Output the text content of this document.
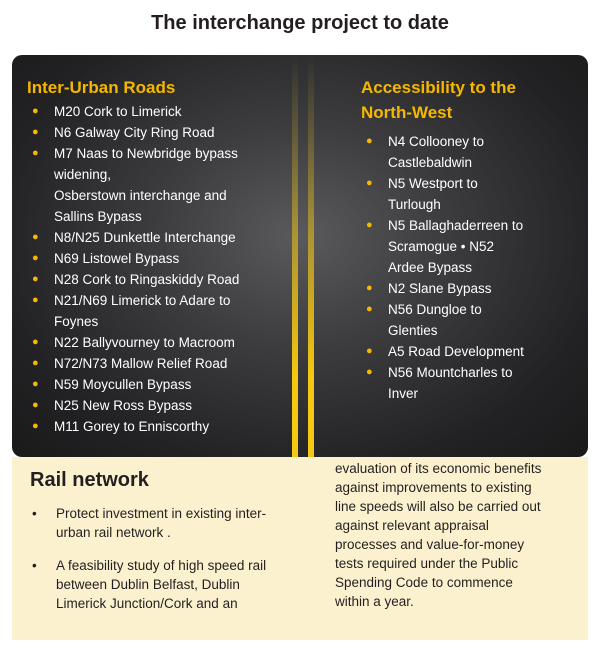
The interchange project to date
Inter-Urban Roads
● M20 Cork to Limerick
● N6 Galway City Ring Road
● M7 Naas to Newbridge bypass
widening,
Osberstown interchange and
Sallins Bypass
● N8/N25 Dunkettle Interchange
● N69 Listowel Bypass
● N28 Cork to Ringaskiddy Road
● N21/N69 Limerick to Adare to
Foynes
● N22 Ballyvourney to Macroom
● N72/N73 Mallow Relief Road
● N59 Moycullen Bypass
● N25 New Ross Bypass
● M11 Gorey to Enniscorthy
Accessibility to the
North-West
● N4 Collooney to
Castlebaldwin
● N5 Westport to
Turlough
● N5 Ballaghaderreen to
Scramogue • N52
Ardee Bypass
● N2 Slane Bypass
● N56 Dungloe to
Glenties
● A5 Road Development
● N56 Mountcharles to
Inver
Rail network
• Protect investment in existing inter-
urban rail network .
• A feasibility study of high speed rail
between Dublin Belfast, Dublin
Limerick Junction/Cork and an
evaluation of its economic benefits
against improvements to existing
line speeds will also be carried out
against relevant appraisal
processes and value-for-money
tests required under the Public
Spending Code to commence
within a year.
